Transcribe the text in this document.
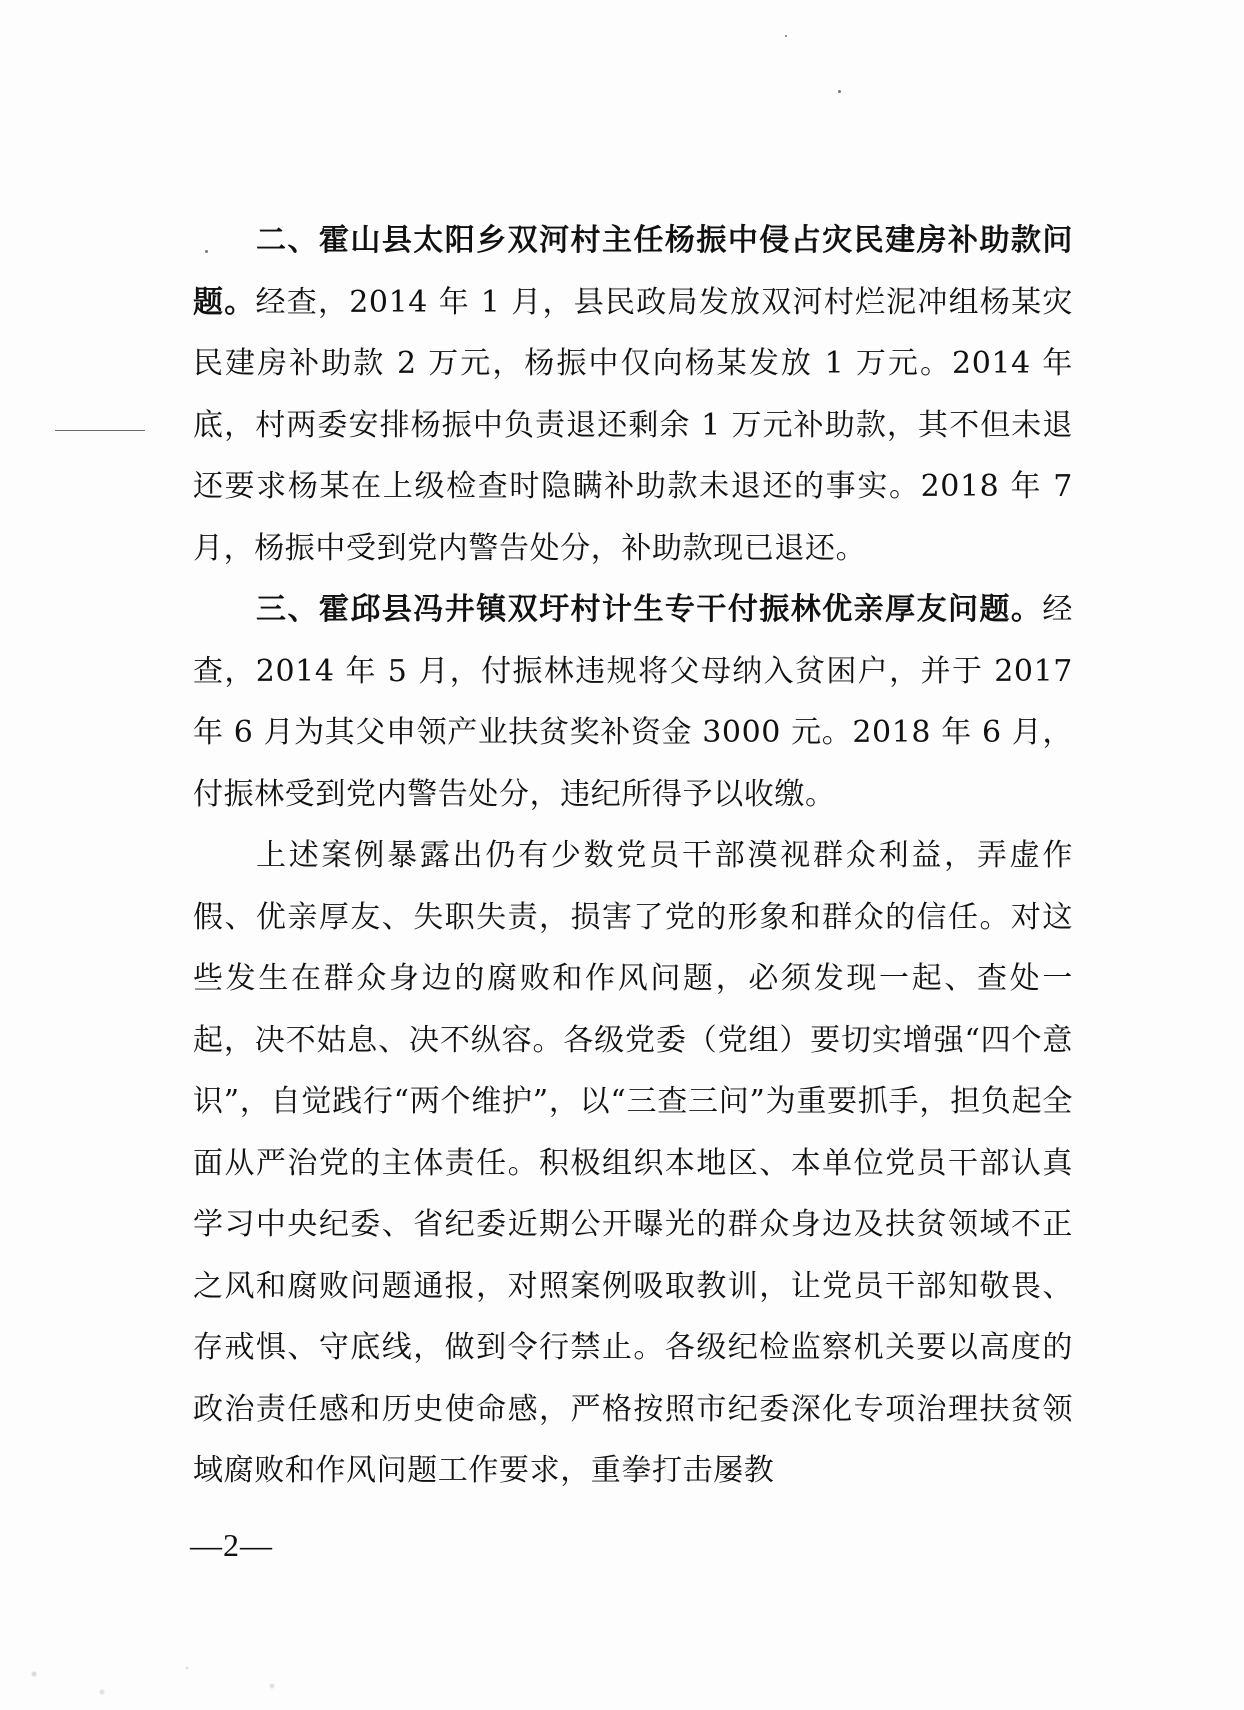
二、霍山县太阳乡双河村主任杨振中侵占灾民建房补助款问题。经查，2014 年 1 月，县民政局发放双河村烂泥冲组杨某灾民建房补助款 2 万元，杨振中仅向杨某发放 1 万元。2014 年底，村两委安排杨振中负责退还剩余 1 万元补助款，其不但未退还要求杨某在上级检查时隐瞒补助款未退还的事实。2018 年 7 月，杨振中受到党内警告处分，补助款现已退还。

三、霍邱县冯井镇双圩村计生专干付振林优亲厚友问题。经查，2014 年 5 月，付振林违规将父母纳入贫困户，并于 2017 年 6 月为其父申领产业扶贫奖补资金 3000 元。2018 年 6 月，付振林受到党内警告处分，违纪所得予以收缴。

上述案例暴露出仍有少数党员干部漠视群众利益，弄虚作假、优亲厚友、失职失责，损害了党的形象和群众的信任。对这些发生在群众身边的腐败和作风问题，必须发现一起、查处一起，决不姑息、决不纵容。各级党委（党组）要切实增强“四个意识”，自觉践行“两个维护”，以“三查三问”为重要抓手，担负起全面从严治党的主体责任。积极组织本地区、本单位党员干部认真学习中央纪委、省纪委近期公开曝光的群众身边及扶贫领域不正之风和腐败问题通报，对照案例吸取教训，让党员干部知敬畏、存戒惧、守底线，做到令行禁止。各级纪检监察机关要以高度的政治责任感和历史使命感，严格按照市纪委深化专项治理扶贫领域腐败和作风问题工作要求，重拳打击屡教

—2—
